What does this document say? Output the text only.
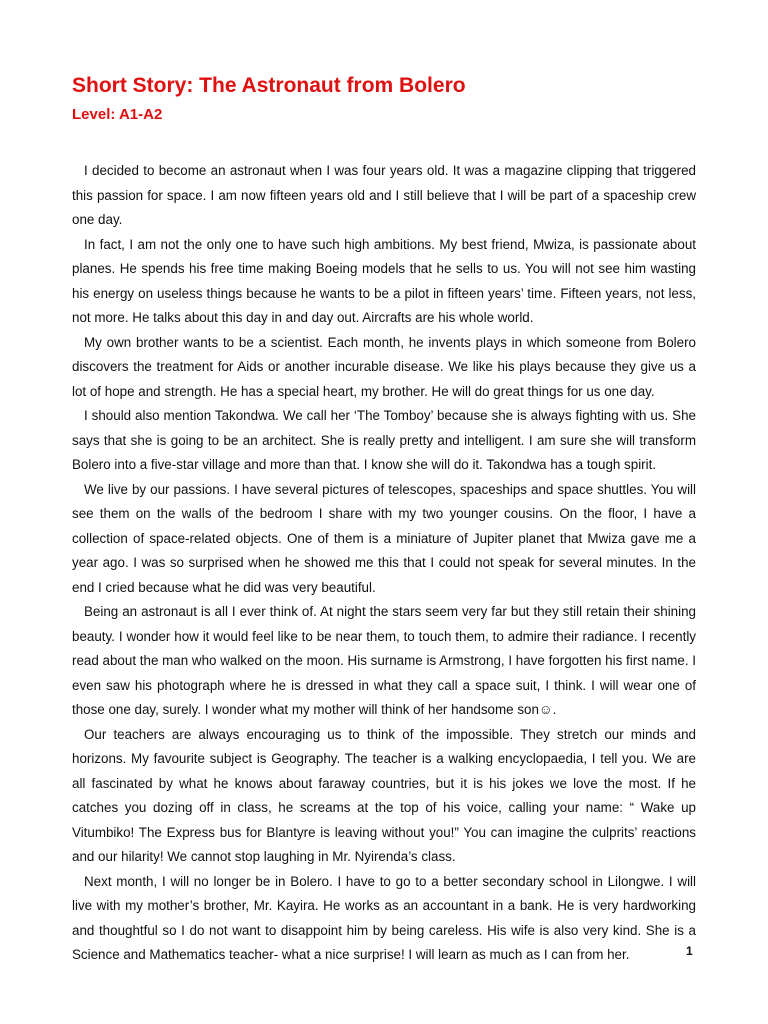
Short Story: The Astronaut from Bolero
Level: A1-A2

I decided to become an astronaut when I was four years old. It was a magazine clipping that triggered this passion for space. I am now fifteen years old and I still believe that I will be part of a spaceship crew one day.

In fact, I am not the only one to have such high ambitions. My best friend, Mwiza, is passionate about planes. He spends his free time making Boeing models that he sells to us. You will not see him wasting his energy on useless things because he wants to be a pilot in fifteen years’ time. Fifteen years, not less, not more. He talks about this day in and day out. Aircrafts are his whole world.

My own brother wants to be a scientist. Each month, he invents plays in which someone from Bolero discovers the treatment for Aids or another incurable disease. We like his plays because they give us a lot of hope and strength. He has a special heart, my brother. He will do great things for us one day.

I should also mention Takondwa. We call her ‘The Tomboy’ because she is always fighting with us. She says that she is going to be an architect. She is really pretty and intelligent. I am sure she will transform Bolero into a five-star village and more than that. I know she will do it. Takondwa has a tough spirit.

We live by our passions. I have several pictures of telescopes, spaceships and space shuttles. You will see them on the walls of the bedroom I share with my two younger cousins. On the floor, I have a collection of space-related objects. One of them is a miniature of Jupiter planet that Mwiza gave me a year ago. I was so surprised when he showed me this that I could not speak for several minutes. In the end I cried because what he did was very beautiful.

Being an astronaut is all I ever think of. At night the stars seem very far but they still retain their shining beauty. I wonder how it would feel like to be near them, to touch them, to admire their radiance. I recently read about the man who walked on the moon. His surname is Armstrong, I have forgotten his first name. I even saw his photograph where he is dressed in what they call a space suit, I think. I will wear one of those one day, surely. I wonder what my mother will think of her handsome son☺.

Our teachers are always encouraging us to think of the impossible. They stretch our minds and horizons. My favourite subject is Geography. The teacher is a walking encyclopaedia, I tell you. We are all fascinated by what he knows about faraway countries, but it is his jokes we love the most. If he catches you dozing off in class, he screams at the top of his voice, calling your name: “ Wake up Vitumbiko! The Express bus for Blantyre is leaving without you!” You can imagine the culprits’ reactions and our hilarity! We cannot stop laughing in Mr. Nyirenda’s class.

Next month, I will no longer be in Bolero. I have to go to a better secondary school in Lilongwe. I will live with my mother’s brother, Mr. Kayira. He works as an accountant in a bank. He is very hardworking and thoughtful so I do not want to disappoint him by being careless. His wife is also very kind. She is a Science and Mathematics teacher- what a nice surprise! I will learn as much as I can from her.	1
